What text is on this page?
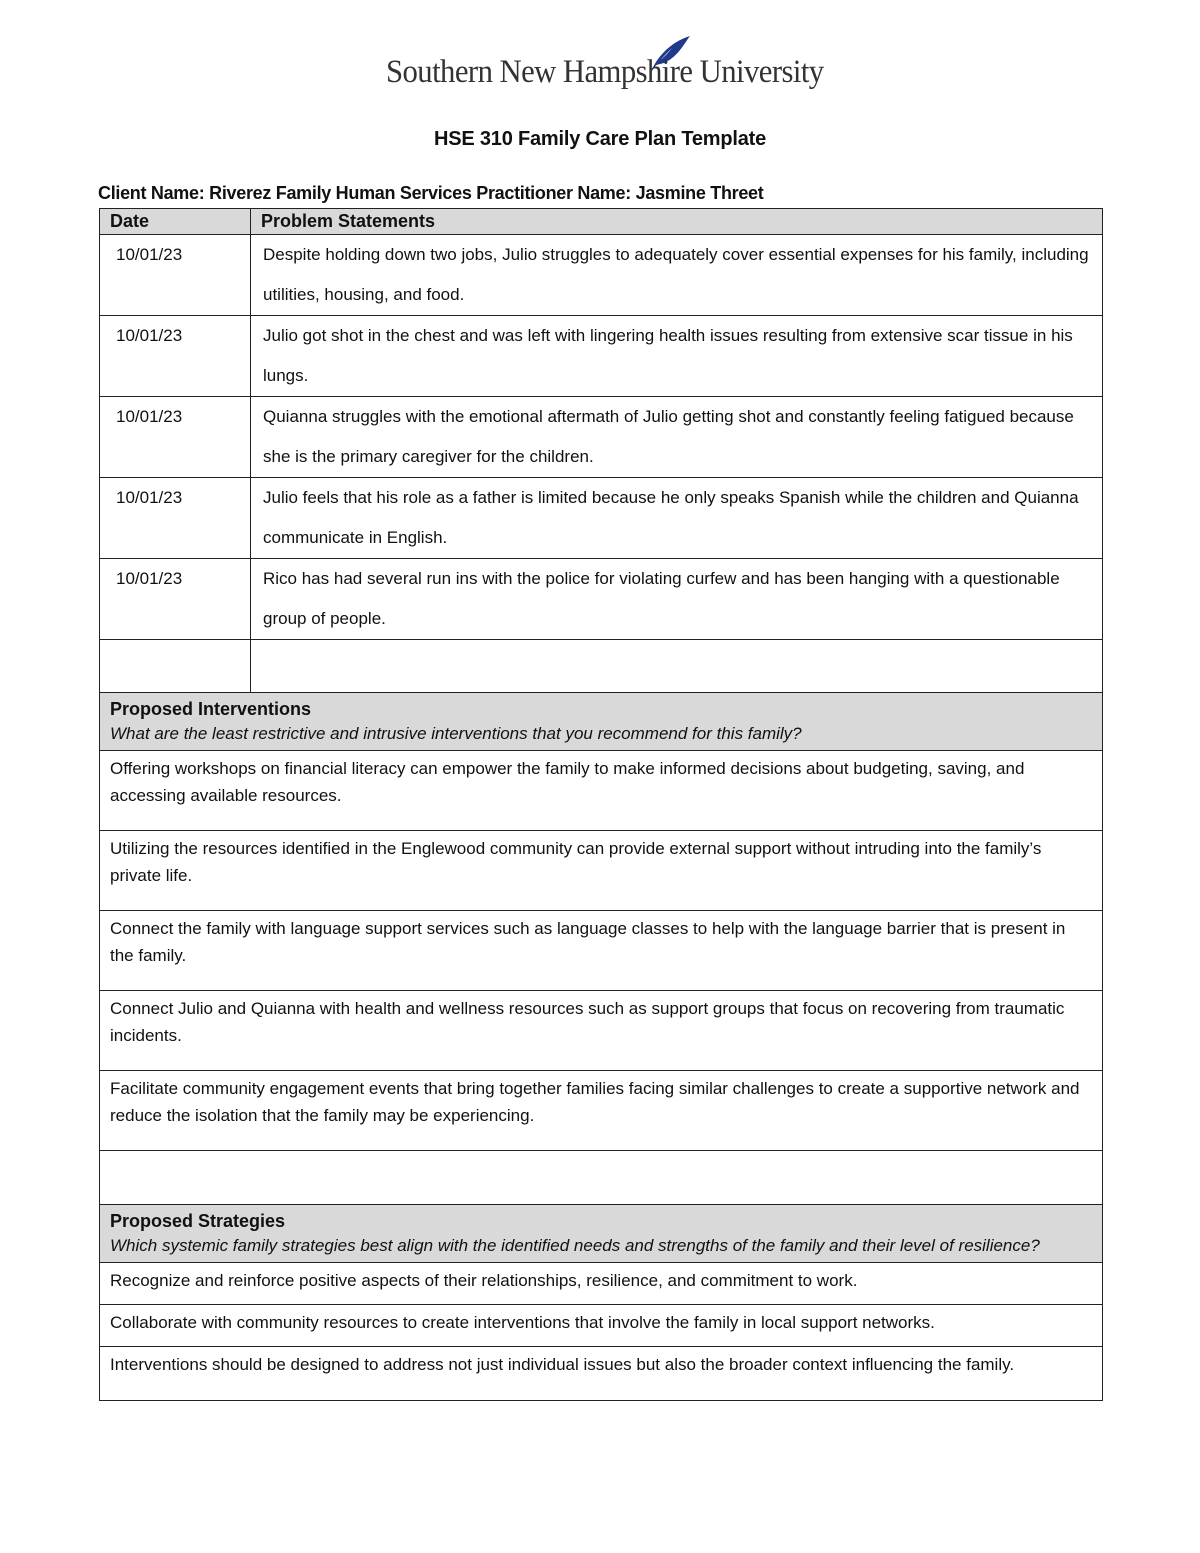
Southern New Hampshire University
HSE 310 Family Care Plan Template
Client Name: Riverez Family Human Services Practitioner Name: Jasmine Threet
Date	Problem Statements
10/01/23	Despite holding down two jobs, Julio struggles to adequately cover essential expenses for his family, including utilities, housing, and food.

10/01/23	Julio got shot in the chest and was left with lingering health issues resulting from extensive scar tissue in his lungs.

10/01/23	Quianna struggles with the emotional aftermath of Julio getting shot and constantly feeling fatigued because she is the primary caregiver for the children.

10/01/23	Julio feels that his role as a father is limited because he only speaks Spanish while the children and Quianna communicate in English.

10/01/23	Rico has had several run ins with the police for violating curfew and has been hanging with a questionable group of people.

Proposed Interventions
What are the least restrictive and intrusive interventions that you recommend for this family?	

Offering workshops on financial literacy can empower the family to make informed decisions about budgeting, saving, and accessing available resources.	
Utilizing the resources identified in the Englewood community can provide external support without intruding into the family’s private life.	
Connect the family with language support services such as language classes to help with the language barrier that is present in the family.	
Connect Julio and Quianna with health and wellness resources such as support groups that focus on recovering from traumatic incidents.	
Facilitate community engagement events that bring together families facing similar challenges to create a supportive network and reduce the isolation that the family may be experiencing.	

Proposed Strategies
Which systemic family strategies best align with the identified needs and strengths of the family and their level of resilience?	

Recognize and reinforce positive aspects of their relationships, resilience, and commitment to work.	
Collaborate with community resources to create interventions that involve the family in local support networks.	
Interventions should be designed to address not just individual issues but also the broader context influencing the family.	
